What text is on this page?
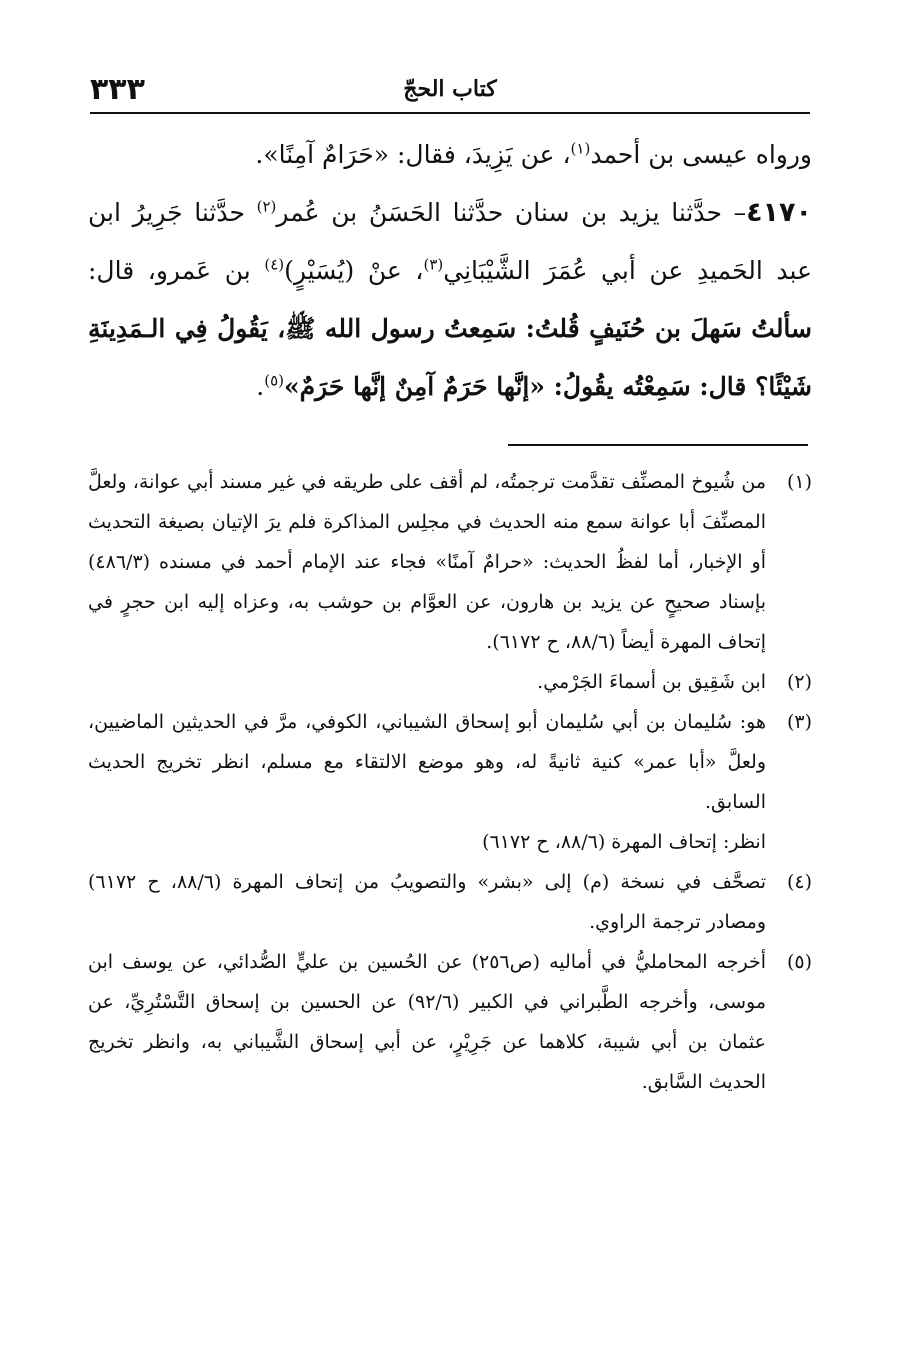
٣٣٣	كتاب الحجّ

ورواه عيسى بن أحمد$^{(١)}$، عن يَزِيدَ، فقال: «حَرَامٌ آمِنًا».

٤١٧٠– حدَّثنا يزيد بن سنان حدَّثنا الحَسَنُ بن عُمر$^{(٢)}$ حدَّثنا جَرِيرُ ابن عبد الحَميدِ عن أبي عُمَرَ الشَّيْبَانِي$^{(٣)}$، عنْ (يُسَيْرٍ)$^{(٤)}$ بن عَمرو، قال: سألتُ سَهلَ بن حُنَيفٍ قُلتُ: سَمِعتُ رسول الله ﷺ، يَقُولُ فِي الـمَدِينَةِ شَيْئًا؟ قال: سَمِعْتُه يقُولُ: «إنَّها حَرَمٌ آمِنٌ إنَّها حَرَمٌ»$^{(٥)}$.

(١)
من شُيوخ المصنِّف تقدَّمت ترجمتُه، لم أقف على طريقه في غير مسند أبي عوانة، ولعلَّ المصنِّفَ أبا عوانة سمع منه الحديث في مجلِس المذاكرة فلم يرَ الإتيان بصيغة التحديث أو الإخبار، أما لفظُ الحديث: «حرامٌ آمنًا» فجاء عند الإمام أحمد في مسنده (٤٨٦/٣) بإسناد صحيحٍ عن يزيد بن هارون، عن العوَّام بن حوشب به، وعزاه إليه ابن حجرٍ في إتحاف المهرة أيضاً (٨٨/٦، ح ٦١٧٢).

(٢)
ابن شَقِيق بن أسماءَ الجَرْمي.

(٣)
هو: سُليمان بن أبي سُليمان أبو إسحاق الشيباني، الكوفي، مرَّ في الحديثين الماضيين، ولعلَّ «أبا عمر» كنية ثانيةً له، وهو موضع الالتقاء مع مسلم، انظر تخريج الحديث السابق.

انظر: إتحاف المهرة (٨٨/٦، ح ٦١٧٢)

(٤)
تصحَّف في نسخة (م) إلى «بشر» والتصويبُ من إتحاف المهرة (٨٨/٦، ح ٦١٧٢) ومصادر ترجمة الراوي.

(٥)
أخرجه المحامليُّ في أماليه (ص٢٥٦) عن الحُسين بن عليٍّ الصُّدائي، عن يوسف ابن موسى، وأخرجه الطَّبراني في الكبير (٩٢/٦) عن الحسين بن إسحاق التَّسْتُرِيِّ، عن عثمان بن أبي شيبة، كلاهما عن جَرِيْرٍ، عن أبي إسحاق الشَّيباني به، وانظر تخريج الحديث السَّابق.
